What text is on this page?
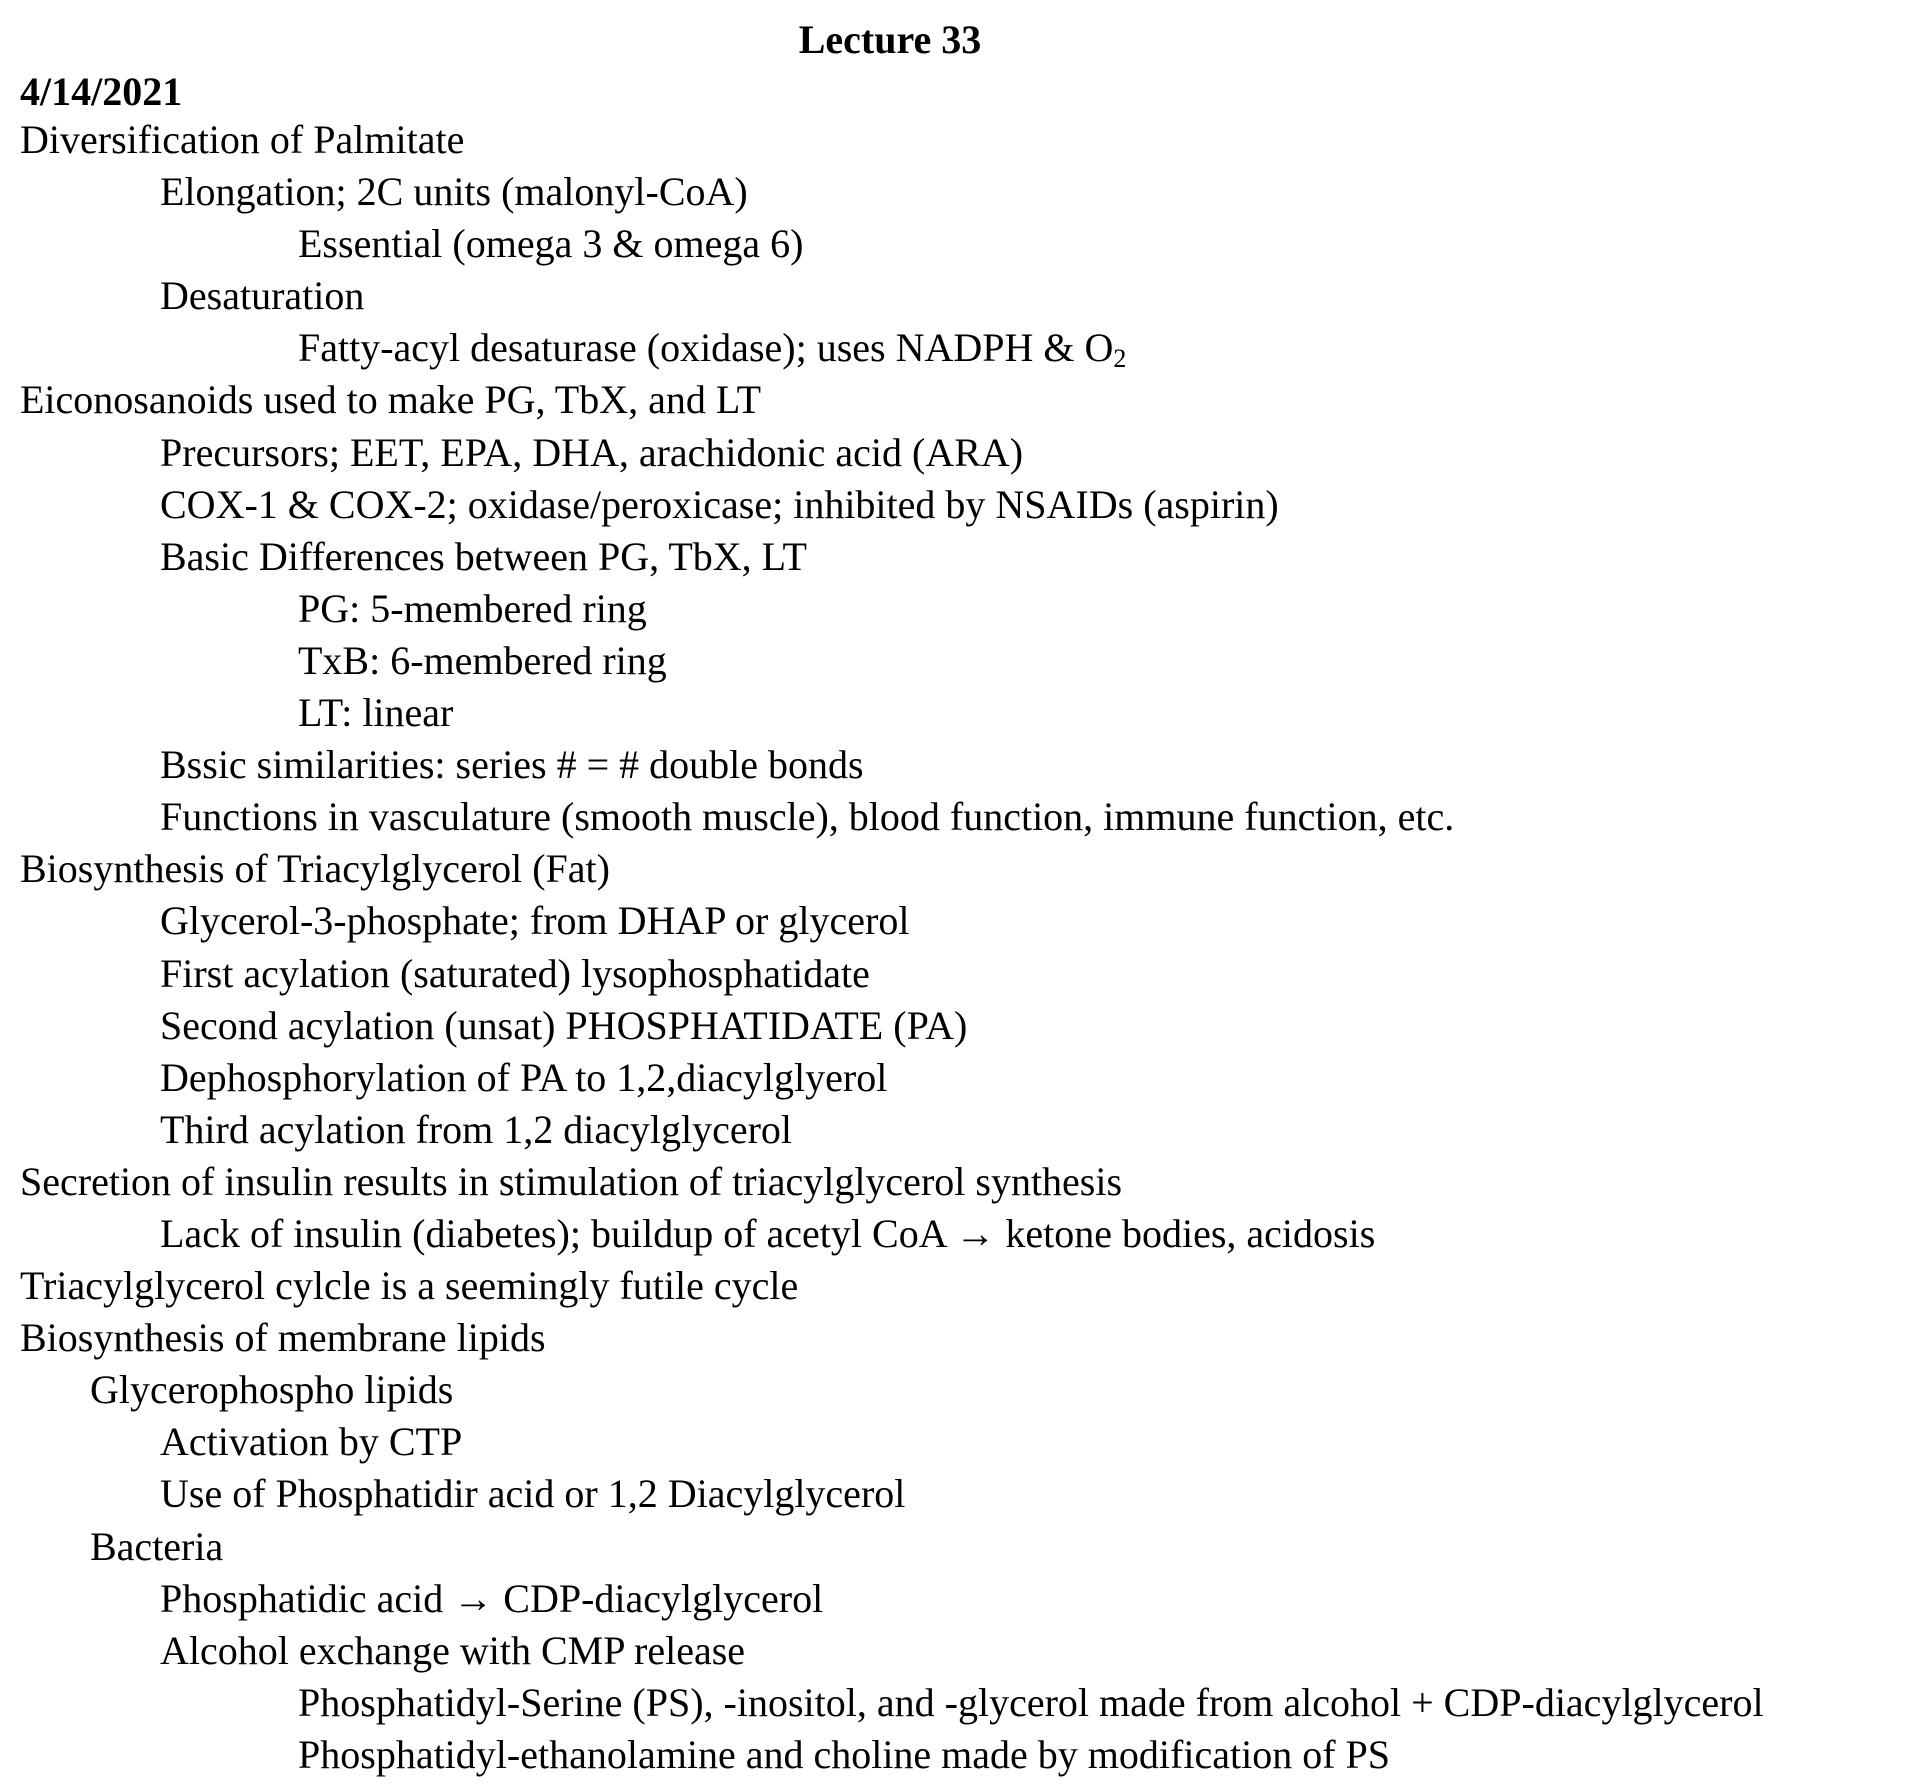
Lecture 33
4/14/2021
Diversification of Palmitate
Elongation; 2C units (malonyl-CoA)
Essential (omega 3 & omega 6)
Desaturation
Fatty-acyl desaturase (oxidase); uses NADPH & $O_2$
Eiconosanoids used to make PG, TbX, and LT
Precursors; EET, EPA, DHA, arachidonic acid (ARA)
COX-1 & COX-2; oxidase/peroxicase; inhibited by NSAIDs (aspirin)
Basic Differences between PG, TbX, LT
PG: 5-membered ring
TxB: 6-membered ring
LT: linear
Bssic similarities: series # = # double bonds
Functions in vasculature (smooth muscle), blood function, immune function, etc.
Biosynthesis of Triacylglycerol (Fat)
Glycerol-3-phosphate; from DHAP or glycerol
First acylation (saturated) lysophosphatidate
Second acylation (unsat) PHOSPHATIDATE (PA)
Dephosphorylation of PA to 1,2,diacylglyerol
Third acylation from 1,2 diacylglycerol
Secretion of insulin results in stimulation of triacylglycerol synthesis
Lack of insulin (diabetes); buildup of acetyl CoA → ketone bodies, acidosis
Triacylglycerol cylcle is a seemingly futile cycle
Biosynthesis of membrane lipids
Glycerophospho lipids
Activation by CTP
Use of Phosphatidir acid or 1,2 Diacylglycerol
Bacteria
Phosphatidic acid → CDP-diacylglycerol
Alcohol exchange with CMP release
Phosphatidyl-Serine (PS), -inositol, and -glycerol made from alcohol + CDP-diacylglycerol
Phosphatidyl-ethanolamine and choline made by modification of PS
